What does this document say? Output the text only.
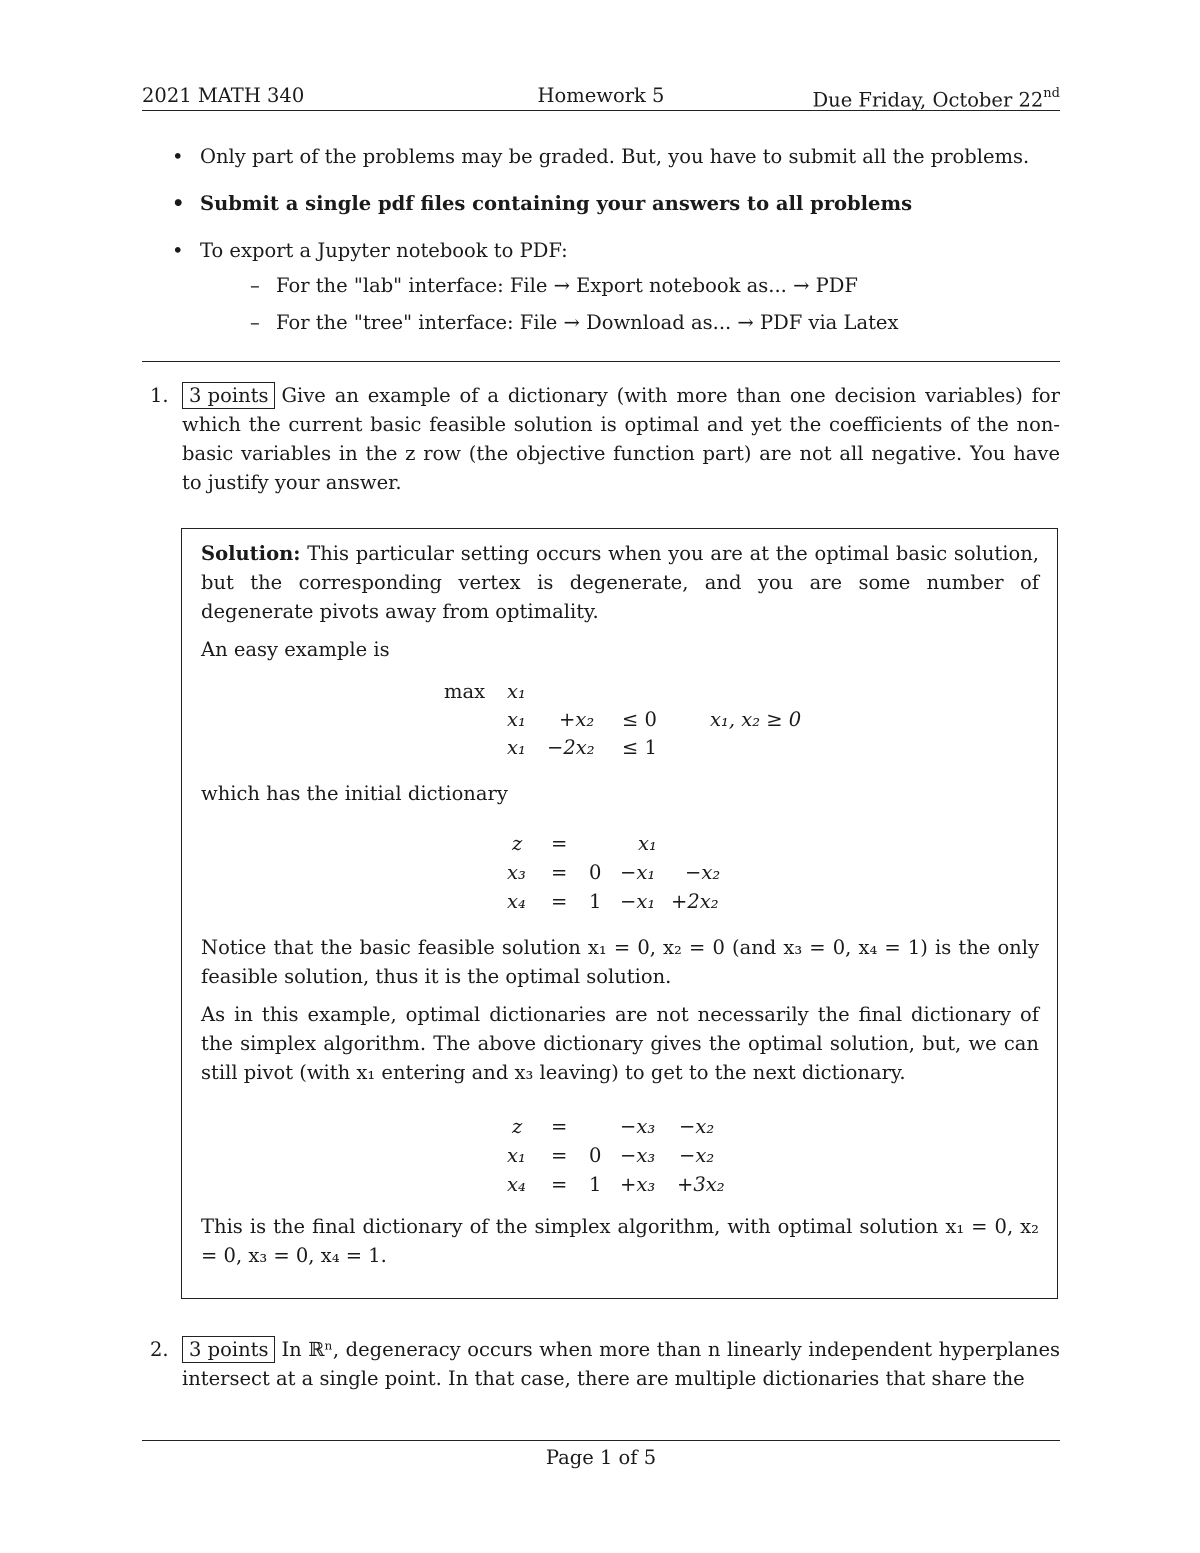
2021 MATH 340	Homework 5	Due Friday, October 22nd
• Only part of the problems may be graded. But, you have to submit all the problems.
• Submit a single pdf files containing your answers to all problems
• To export a Jupyter notebook to PDF:
– For the "lab" interface: File → Export notebook as... → PDF
– For the "tree" interface: File → Download as... → PDF via Latex
1.	3 points Give an example of a dictionary (with more than one decision variables) for which the current basic feasible solution is optimal and yet the coefficients of the non-basic variables in the z row (the objective function part) are not all negative. You have to justify your answer.

Solution: This particular setting occurs when you are at the optimal basic solution, but the corresponding vertex is degenerate, and you are some number of degenerate pivots away from optimality.

An easy example is

max x₁
x₁ +x₂ ≤ 0	x₁, x₂ ≥ 0
x₁ −2x₂ ≤ 1

which has the initial dictionary

z =	x₁
x₃ = 0 −x₁ −x₂
x₄ = 1 −x₁ +2x₂

Notice that the basic feasible solution x₁ = 0, x₂ = 0 (and x₃ = 0, x₄ = 1) is the only feasible solution, thus it is the optimal solution.

As in this example, optimal dictionaries are not necessarily the final dictionary of the simplex algorithm. The above dictionary gives the optimal solution, but, we can still pivot (with x₁ entering and x₃ leaving) to get to the next dictionary.

z =	−x₃ −x₂
x₁ = 0 −x₃ −x₂
x₄ = 1 +x₃ +3x₂

This is the final dictionary of the simplex algorithm, with optimal solution x₁ = 0, x₂ = 0, x₃ = 0, x₄ = 1.

2.	3 points In ℝⁿ, degeneracy occurs when more than n linearly independent hyperplanes intersect at a single point. In that case, there are multiple dictionaries that share the
Page 1 of 5
